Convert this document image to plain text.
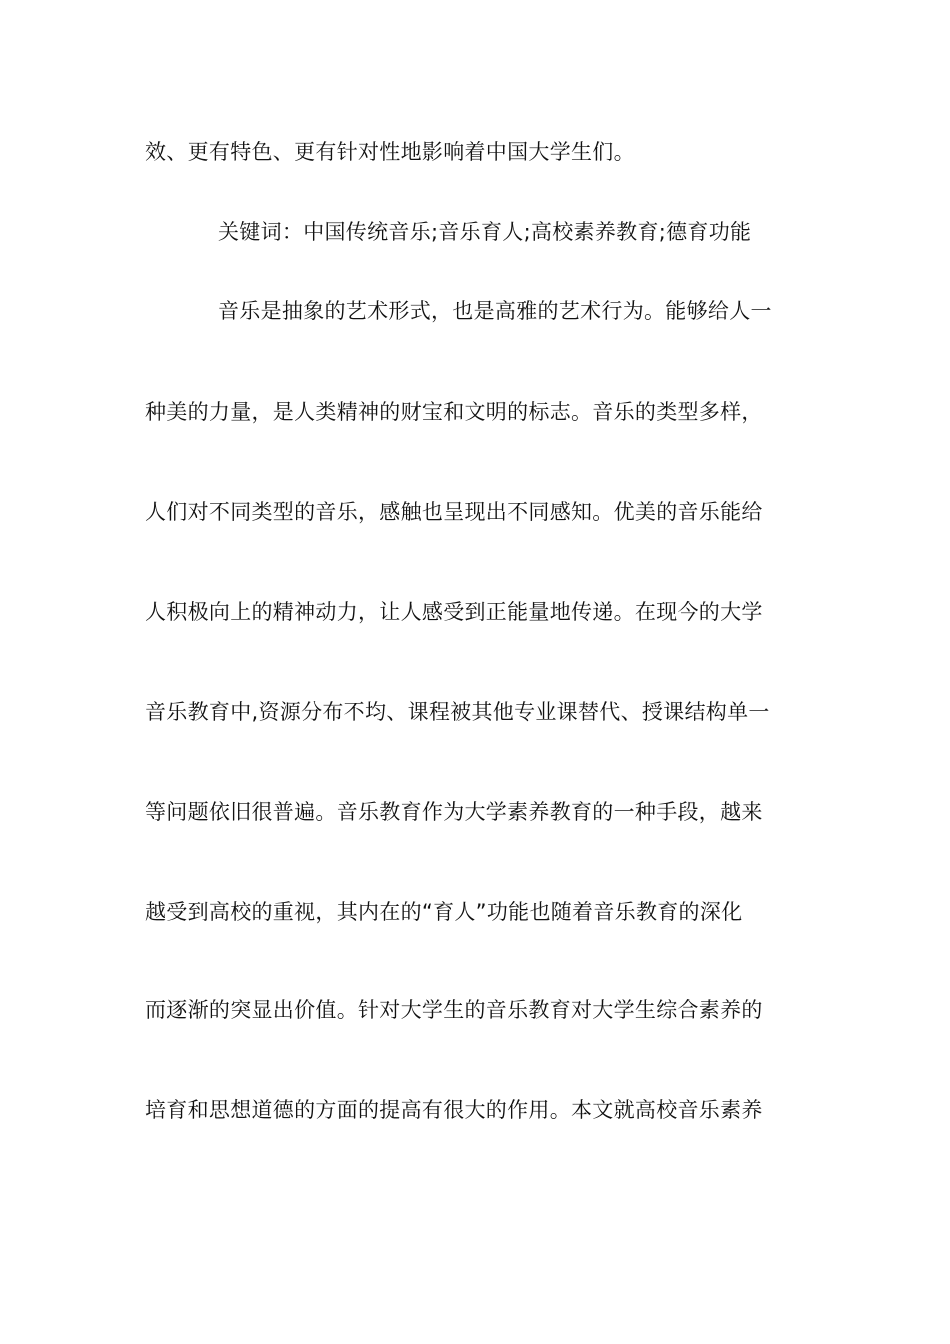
效、更有特色、更有针对性地影响着中国大学生们。
关键词：中国传统音乐;音乐育人;高校素养教育;德育功能
音乐是抽象的艺术形式，也是高雅的艺术行为。能够给人一
种美的力量，是人类精神的财宝和文明的标志。音乐的类型多样，
人们对不同类型的音乐，感触也呈现出不同感知。优美的音乐能给
人积极向上的精神动力，让人感受到正能量地传递。在现今的大学
音乐教育中,资源分布不均、课程被其他专业课替代、授课结构单一
等问题依旧很普遍。音乐教育作为大学素养教育的一种手段，越来
越受到高校的重视，其内在的“育人”功能也随着音乐教育的深化
而逐渐的突显出价值。针对大学生的音乐教育对大学生综合素养的
培育和思想道德的方面的提高有很大的作用。本文就高校音乐素养
